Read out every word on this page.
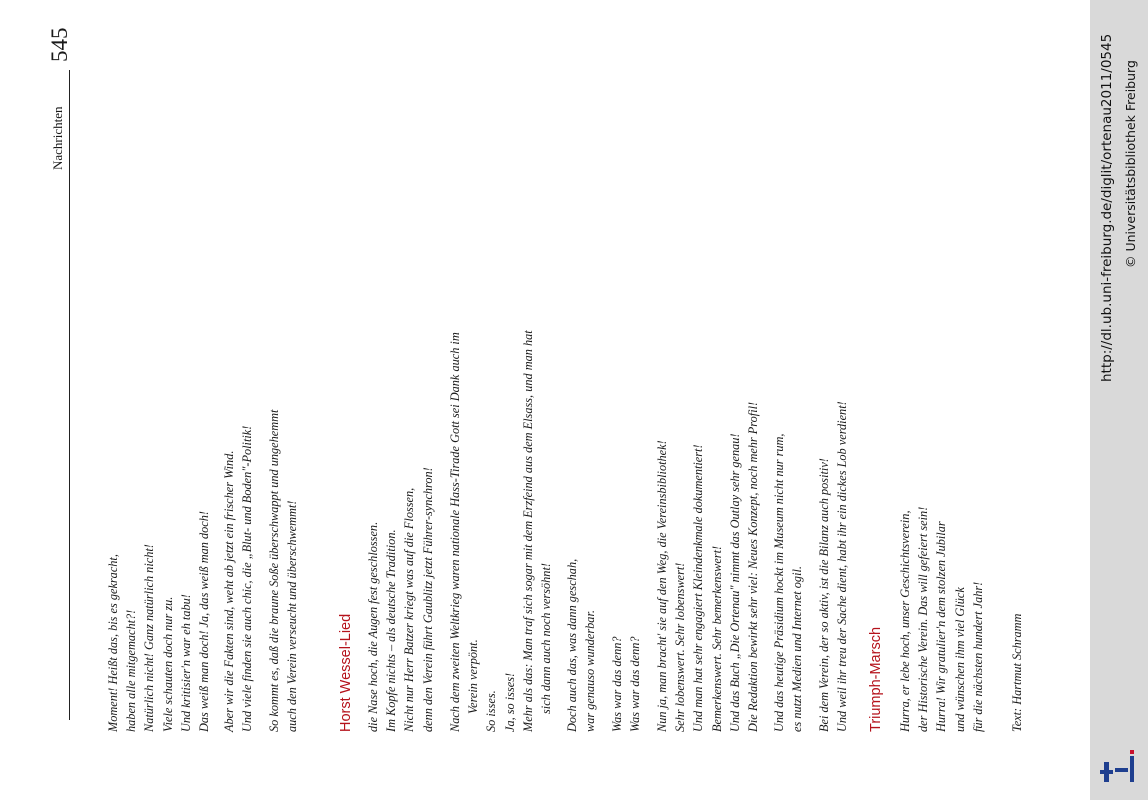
Nachrichten
545
Moment! Heißt das, bis es gekracht, haben alle mitgemacht?! Natürlich nicht! Ganz natürlich nicht! Viele schauten doch nur zu. Und kritisier'n war eh tabu! Das weiß man doch! Ja, das weiß man doch! Aber wir die Fakten sind, weht ab jetzt ein frischer Wind. Und viele finden sie auch chic, die „Blut- und Boden"-Politik! So kommt es, daß die braune Soße überschwappt und ungehemmt auch den Verein verseucht und überschwemmt!	Horst Wessel-Lied die Nase hoch, die Augen fest geschlossen. Im Kopfe nichts – als deutsche Tradition. Nicht nur Herr Batzer kriegt was auf die Flossen, denn den Verein führt Gaublitz jetzt Führer-synchron! Nach dem zweiten Weltkrieg waren nationale Hass-Tirade Gott sei Dank auch im Verein verpönt. So isses. Ja, so isses! Mehr als das: Man traf sich sogar mit dem Erzfeind aus dem Elsass, und man hat sich dann auch noch versöhnt! Doch auch das, was dann geschah, war genauso wunderbar. Was war das denn? Was war das denn? Nun ja, man bracht' sie auf den Weg, die Vereinsbibliothek! Sehr lobenswert. Sehr lobenswert! Und man hat sehr engagiert Kleindenkmale dokumentiert! Bemerkenswert. Sehr bemerkenswert! Und das Buch „Die Ortenau" nimmt das Outlay sehr genau! Die Redaktion bewirkt sehr viel: Neues Konzept, noch mehr Profil! Und das heutige Präsidium hockt im Museum nicht nur rum, es nutzt Medien und Internet ogil. Bei dem Verein, der so aktiv, ist die Bilanz auch positiv! Und weil ihr treu der Sache dient, habt ihr ein dickes Lob verdient! Triumph-Marsch Hurra, er lebe hoch, unser Geschichtsverein, der Historische Verein. Das will gefeiert sein! Hurra! Wir gratulier'n dem stolzen Jubilar und wünschen ihm viel Glück für die nächsten hundert Jahr! Text: Hartmut Schramm
http://dl.ub.uni-freiburg.de/diglit/ortenau2011/0545 © Universitätsbibliothek Freiburg
